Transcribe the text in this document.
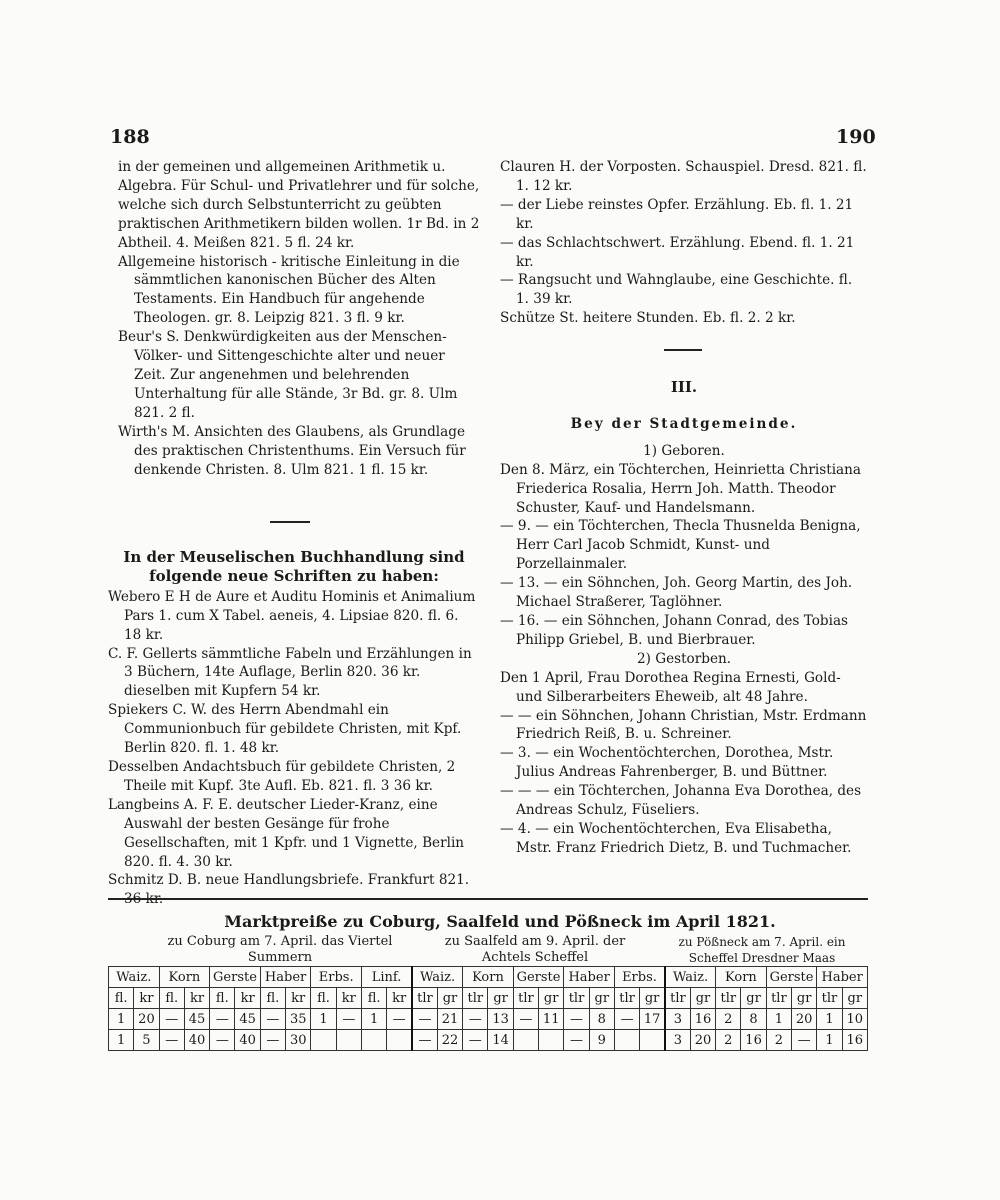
188	190

in der gemeinen und allgemeinen Arithmetik u. Algebra. Für Schul- und Privatlehrer und für solche, welche sich durch Selbstunterricht zu geübten praktischen Arithmetikern bilden wollen. 1r Bd. in 2 Abtheil. 4. Meißen 821. 5 fl. 24 kr.

Allgemeine historisch - kritische Einleitung in die sämmtlichen kanonischen Bücher des Alten Testaments. Ein Handbuch für angehende Theologen. gr. 8. Leipzig 821. 3 fl. 9 kr.

Beur's S. Denkwürdigkeiten aus der Menschen-Völker- und Sittengeschichte alter und neuer Zeit. Zur angenehmen und belehrenden Unterhaltung für alle Stände, 3r Bd. gr. 8. Ulm 821. 2 fl.

Wirth's M. Ansichten des Glaubens, als Grundlage des praktischen Christenthums. Ein Versuch für denkende Christen. 8. Ulm 821. 1 fl. 15 kr.

In der Meuselischen Buchhandlung sind folgende neue Schriften zu haben:

Webero E H de Aure et Auditu Hominis et Animalium Pars 1. cum X Tabel. aeneis, 4. Lipsiae 820. fl. 6. 18 kr.

C. F. Gellerts sämmtliche Fabeln und Erzählungen in 3 Büchern, 14te Auflage, Berlin 820. 36 kr. dieselben mit Kupfern 54 kr.

Spiekers C. W. des Herrn Abendmahl ein Communionbuch für gebildete Christen, mit Kpf. Berlin 820. fl. 1. 48 kr.

Desselben Andachtsbuch für gebildete Christen, 2 Theile mit Kupf. 3te Aufl. Eb. 821. fl. 3 36 kr.

Langbeins A. F. E. deutscher Lieder-Kranz, eine Auswahl der besten Gesänge für frohe Gesellschaften, mit 1 Kpfr. und 1 Vignette, Berlin 820. fl. 4. 30 kr.

Schmitz D. B. neue Handlungsbriefe. Frankfurt 821.

Clauren H. der Vorposten. Schauspiel. Dresd. 821. fl. 1. 12 kr.

— der Liebe reinstes Opfer. Erzählung. Eb. fl. 1. 21 kr.

— das Schlachtschwert. Erzählung. Ebend. fl. 1. 21 kr.

— Rangsucht und Wahnglaube, eine Geschichte. fl. 1. 39 kr.

Schütze St. heitere Stunden. Eb. fl. 2. 2 kr.

III.

Bey der Stadtgemeinde.

1) Geboren.

Den 8. März, ein Töchterchen, Heinrietta Christiana Friederica Rosalia, Herrn Joh. Matth. Theodor Schuster, Kauf- und Handelsmann.

— 9. — ein Töchterchen, Thecla Thusnelda Benigna, Herr Carl Jacob Schmidt, Kunst- und Porzellainmaler.

— 13. — ein Söhnchen, Joh. Georg Martin, des Joh. Michael Straßerer, Taglöhner.

— 16. — ein Söhnchen, Johann Conrad, des Tobias Philipp Griebel, B. und Bierbrauer.

2) Gestorben.

Den 1 April, Frau Dorothea Regina Ernesti, Gold- und Silberarbeiters Eheweib, alt 48 Jahre.

— — ein Söhnchen, Johann Christian, Mstr. Erdmann Friedrich Reiß, B. u. Schreiner.

— 3. — ein Wochentöchterchen, Dorothea, Mstr. Julius Andreas Fahrenberger, B. und Büttner.

— — — ein Töchterchen, Johanna Eva Dorothea, des Andreas Schulz, Füseliers.

— 4. — ein Wochentöchterchen, Eva Elisabetha, Mstr. Franz Friedrich Dietz, B. und Tuchmacher.

Marktpreiße zu Coburg, Saalfeld und Pößneck im April 1821.
zu Coburg am 7. April. das Viertel Summern
zu Saalfeld am 9. April. der Achtels Scheffel
zu Pößneck am 7. April. ein Scheffel Dresdner Maas
Waiz.		Korn		Gerste		Haber		Erbs.		Linf.		Waiz.		Korn		Gerste		Haber		Erbs.		Waiz.		Korn		Gerste		Haber	
fl.	kr	fl.	kr	fl.	kr	fl.	kr	fl.	kr	fl.	kr	tlr	gr	tlr	gr	tlr	gr	tlr	gr	tlr	gr	tlr	gr	tlr	gr	tlr	gr	tlr	gr
1	20	—	45	—	45	—	35	1	—	1	—	—	21	—	13	—	11	—	8	—	17	3	16	2	8	1	20	1	10
1	5	—	40	—	40	—	30					—	22	—	14			—	9			3	20	2	16	2	—	1	16
